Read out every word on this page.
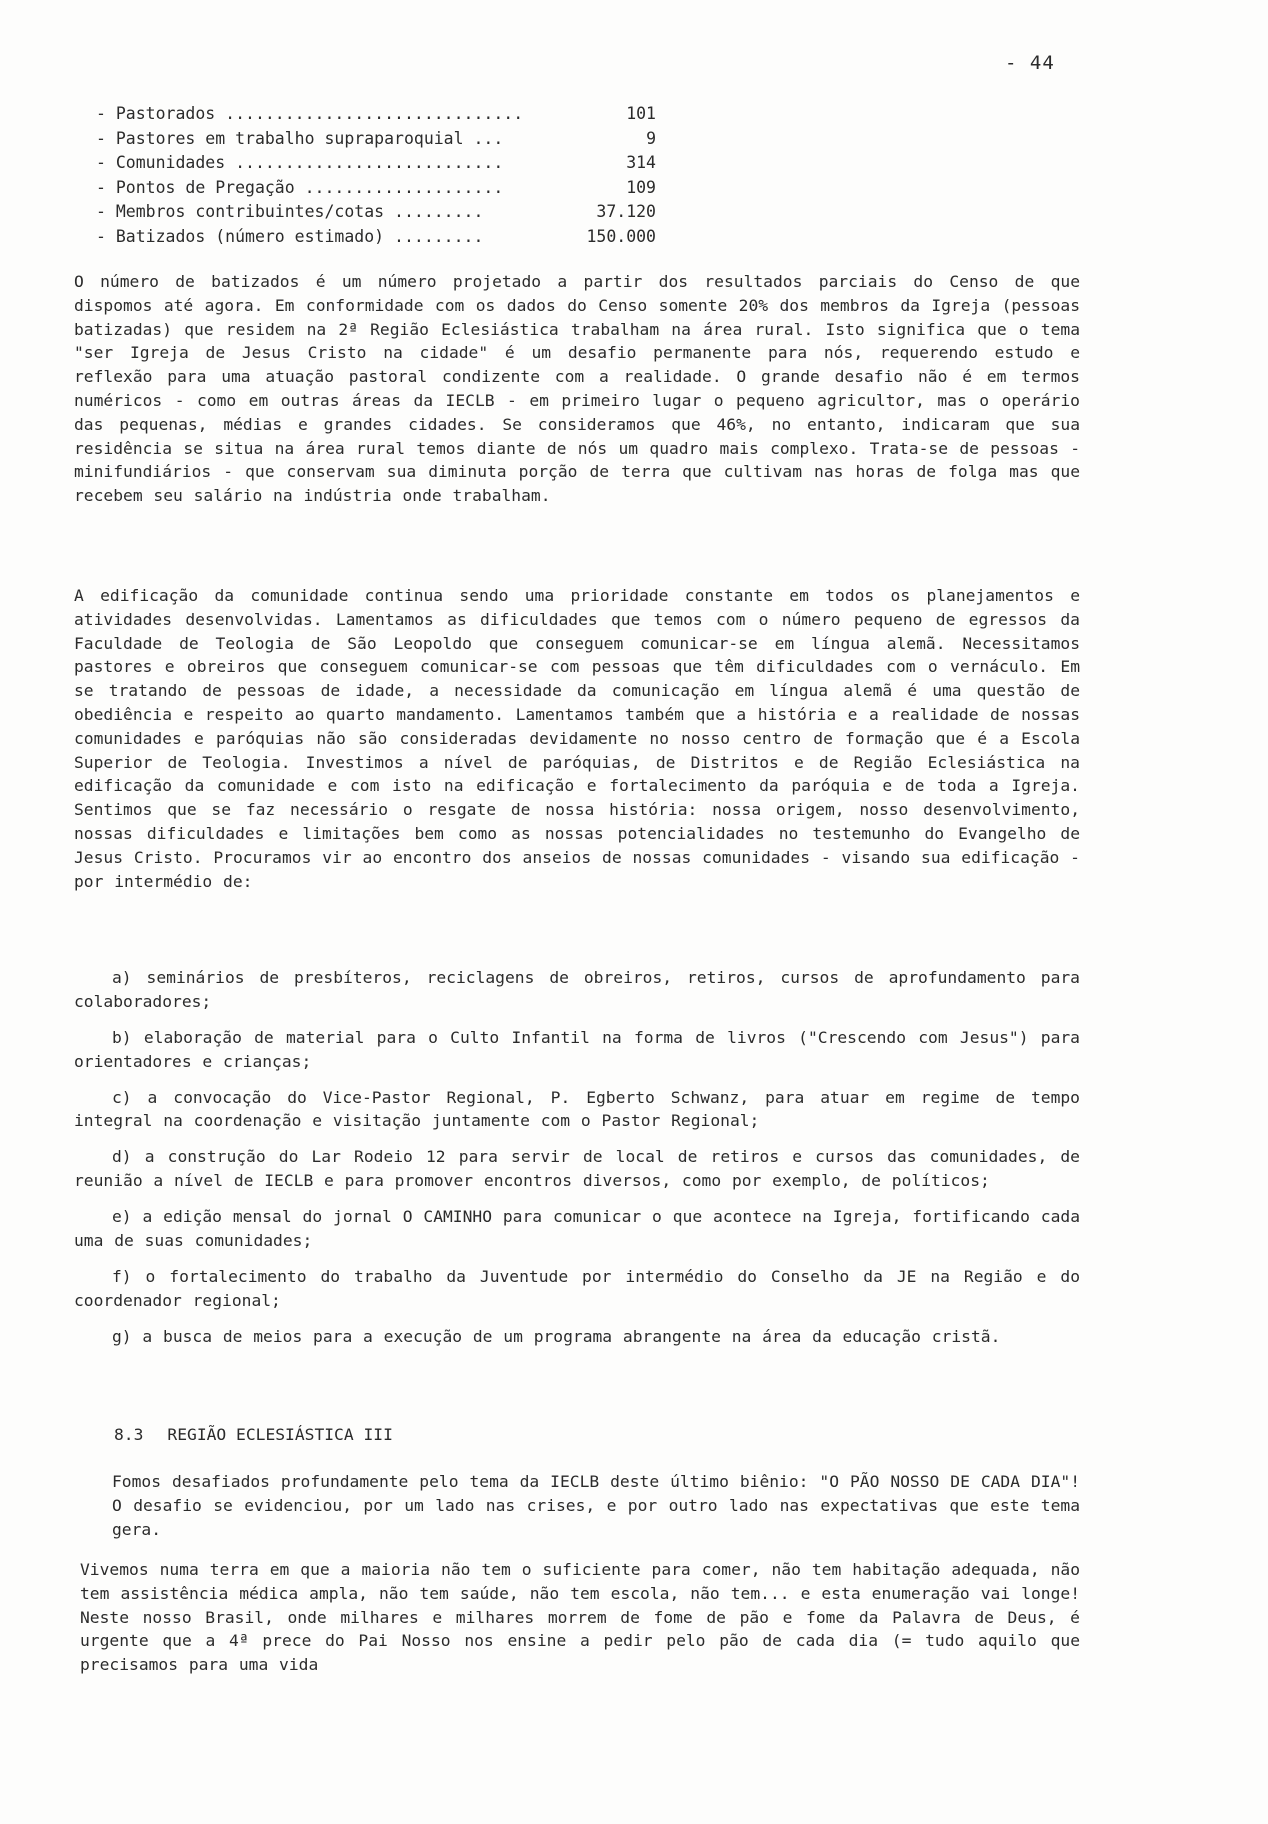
- 44
- Pastorados ..............................	101
- Pastores em trabalho supraparoquial ...	9
- Comunidades ...........................	314
- Pontos de Pregação ....................	109
- Membros contribuintes/cotas .........	37.120
- Batizados (número estimado) .........	150.000

O número de batizados é um número projetado a partir dos resultados parciais do Censo de que dispomos até agora. Em conformidade com os dados do Censo somente 20% dos membros da Igreja (pessoas batizadas) que residem na 2ª Região Eclesiástica trabalham na área rural. Isto significa que o tema "ser Igreja de Jesus Cristo na cidade" é um desafio permanente para nós, requerendo estudo e reflexão para uma atuação pastoral condizente com a realidade. O grande desafio não é em termos numéricos - como em outras áreas da IECLB - em primeiro lugar o pequeno agricultor, mas o operário das pequenas, médias e grandes cidades. Se consideramos que 46%, no entanto, indicaram que sua residência se situa na área rural temos diante de nós um quadro mais complexo. Trata-se de pessoas - minifundiários - que conservam sua diminuta porção de terra que cultivam nas horas de folga mas que recebem seu salário na indústria onde trabalham.

A edificação da comunidade continua sendo uma prioridade constante em todos os planejamentos e atividades desenvolvidas. Lamentamos as dificuldades que temos com o número pequeno de egressos da Faculdade de Teologia de São Leopoldo que conseguem comunicar-se em língua alemã. Necessitamos pastores e obreiros que conseguem comunicar-se com pessoas que têm dificuldades com o vernáculo. Em se tratando de pessoas de idade, a necessidade da comunicação em língua alemã é uma questão de obediência e respeito ao quarto mandamento. Lamentamos também que a história e a realidade de nossas comunidades e paróquias não são consideradas devidamente no nosso centro de formação que é a Escola Superior de Teologia. Investimos a nível de paróquias, de Distritos e de Região Eclesiástica na edificação da comunidade e com isto na edificação e fortalecimento da paróquia e de toda a Igreja. Sentimos que se faz necessário o resgate de nossa história: nossa origem, nosso desenvolvimento, nossas dificuldades e limitações bem como as nossas potencialidades no testemunho do Evangelho de Jesus Cristo. Procuramos vir ao encontro dos anseios de nossas comunidades - visando sua edificação - por intermédio de:

a) seminários de presbíteros, reciclagens de obreiros, retiros, cursos de aprofundamento para colaboradores;
b) elaboração de material para o Culto Infantil na forma de livros ("Crescendo com Jesus") para orientadores e crianças;
c) a convocação do Vice-Pastor Regional, P. Egberto Schwanz, para atuar em regime de tempo integral na coordenação e visitação juntamente com o Pastor Regional;
d) a construção do Lar Rodeio 12 para servir de local de retiros e cursos das comunidades, de reunião a nível de IECLB e para promover encontros diversos, como por exemplo, de políticos;
e) a edição mensal do jornal O CAMINHO para comunicar o que acontece na Igreja, fortificando cada uma de suas comunidades;
f) o fortalecimento do trabalho da Juventude por intermédio do Conselho da JE na Região e do coordenador regional;
g) a busca de meios para a execução de um programa abrangente na área da educação cristã.
8.3 REGIÃO ECLESIÁSTICA III

Fomos desafiados profundamente pelo tema da IECLB deste último biênio: "O PÃO NOSSO DE CADA DIA"! O desafio se evidenciou, por um lado nas crises, e por outro lado nas expectativas que este tema gera.

Vivemos numa terra em que a maioria não tem o suficiente para comer, não tem habitação adequada, não tem assistência médica ampla, não tem saúde, não tem escola, não tem... e esta enumeração vai longe! Neste nosso Brasil, onde milhares e milhares morrem de fome de pão e fome da Palavra de Deus, é urgente que a 4ª prece do Pai Nosso nos ensine a pedir pelo pão de cada dia (= tudo aquilo que precisamos para uma vida
